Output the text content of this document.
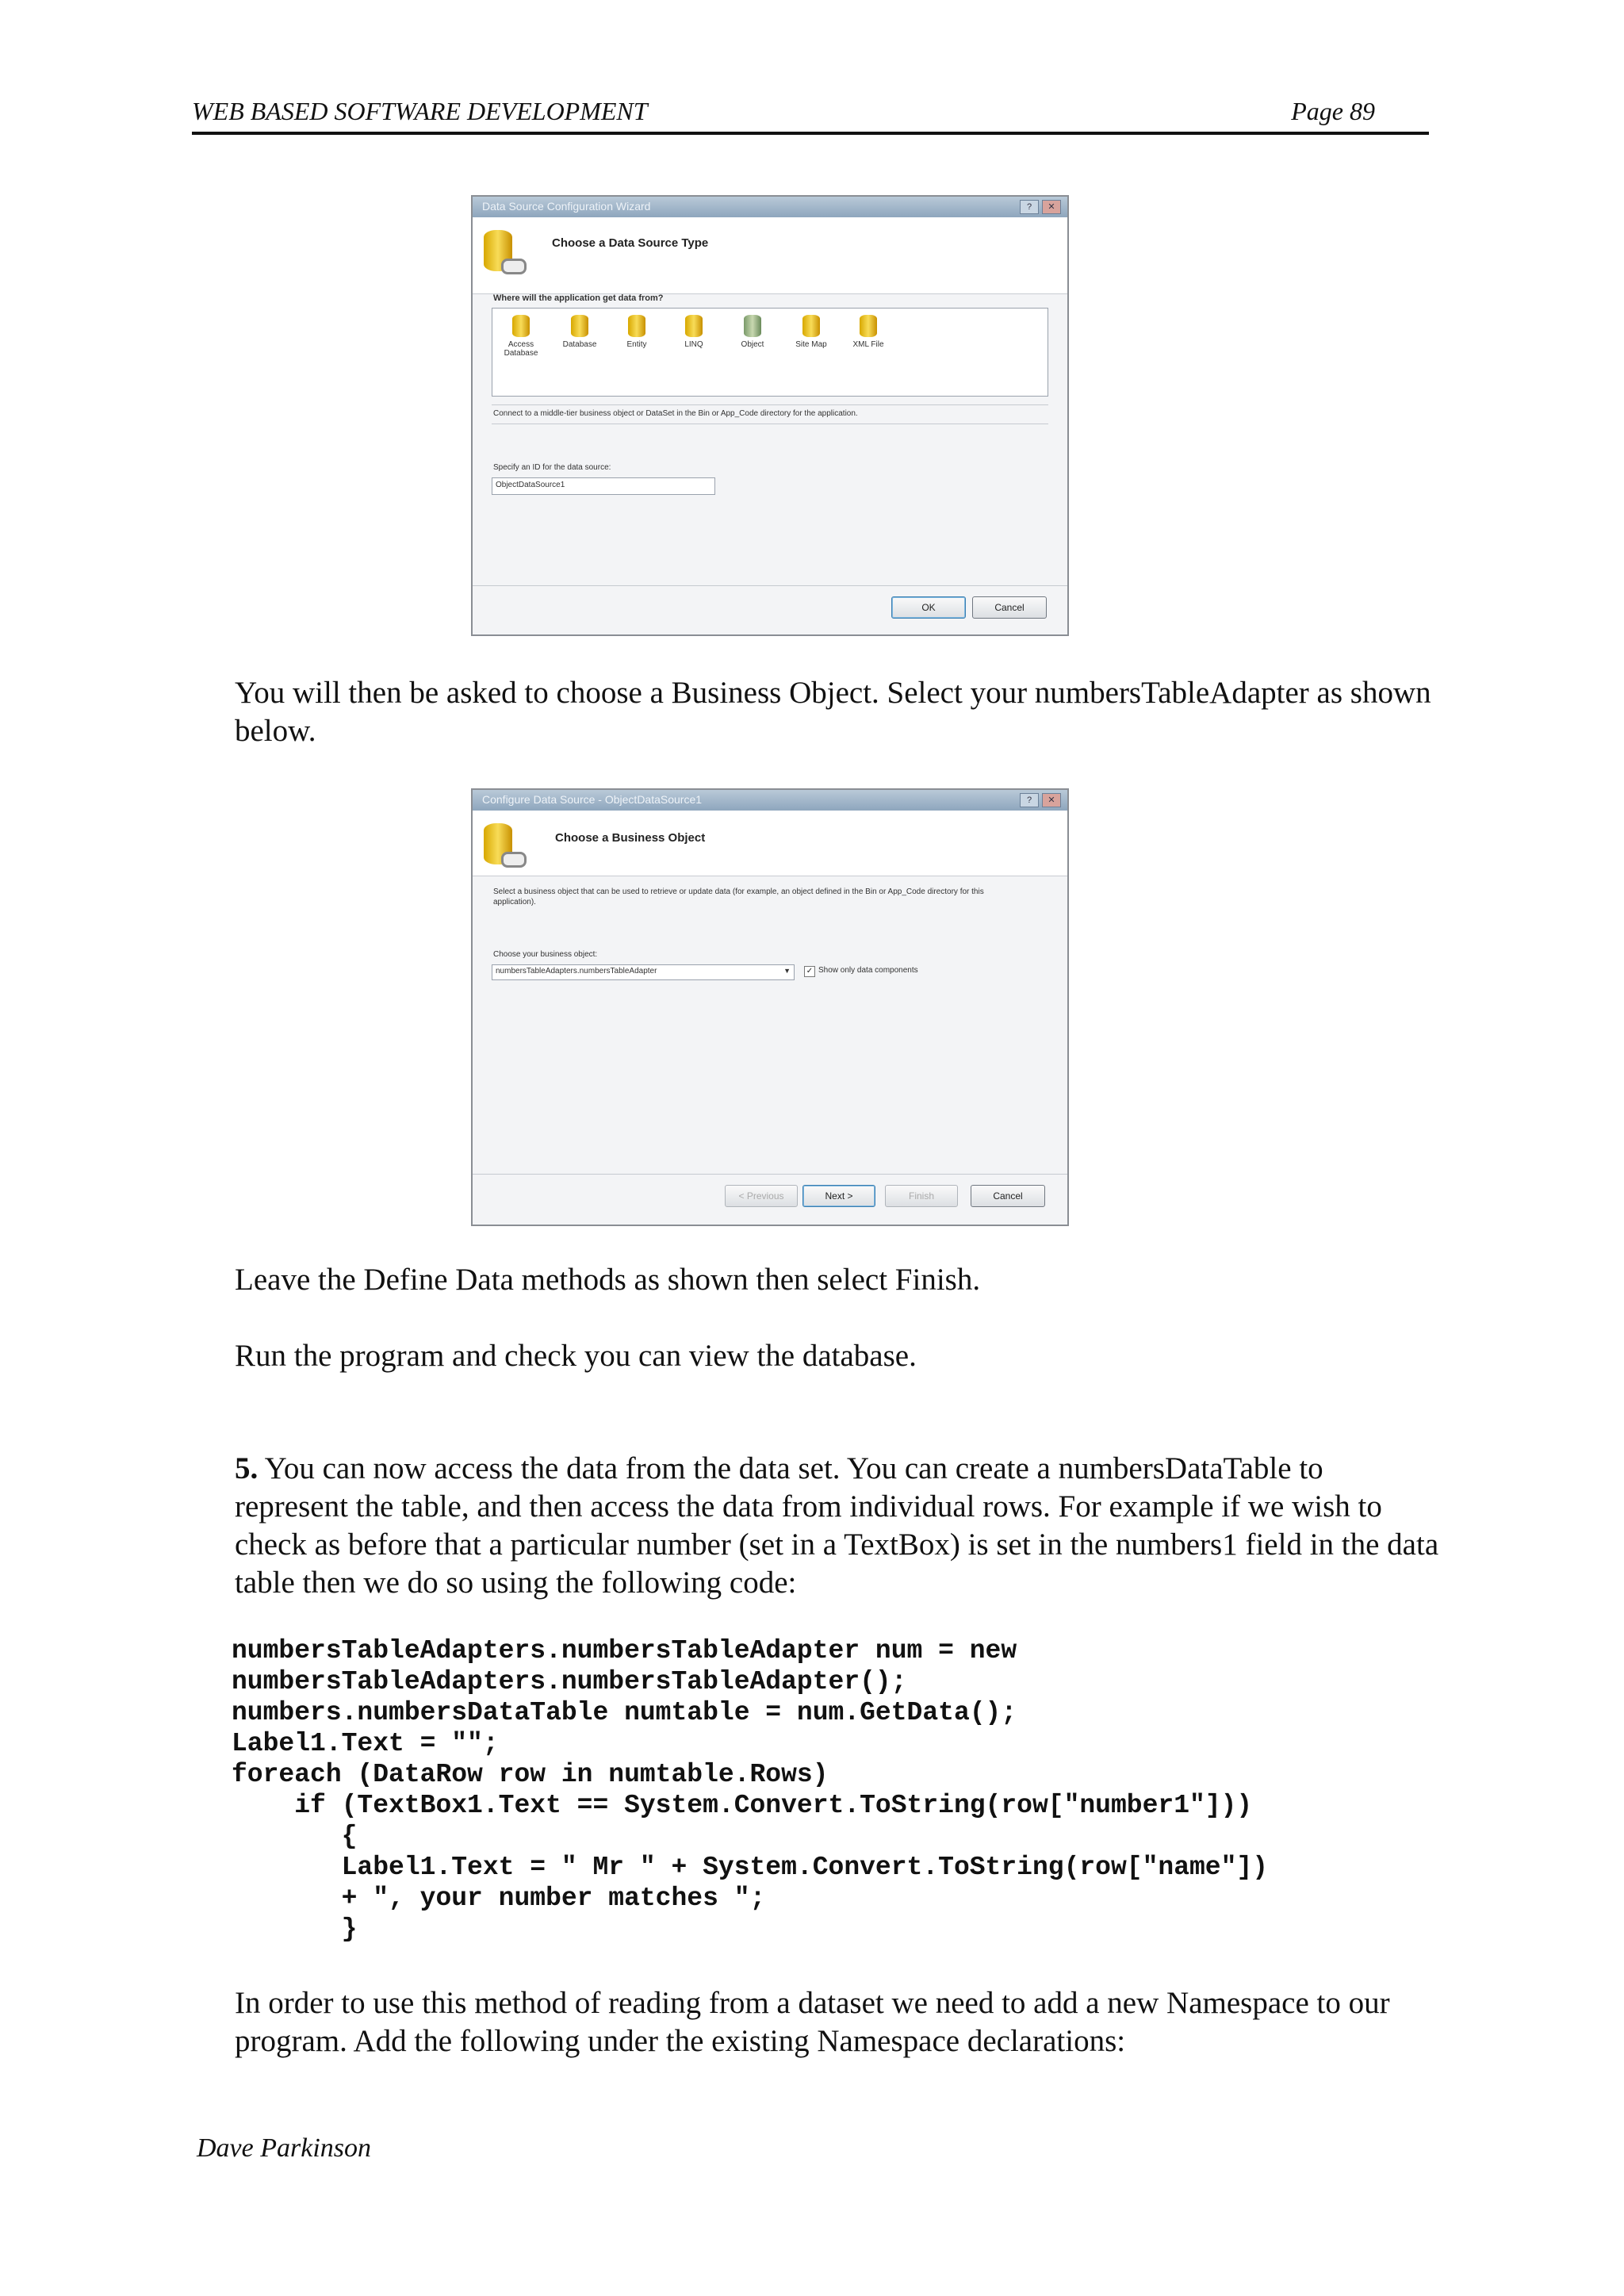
WEB BASED SOFTWARE DEVELOPMENT	Page 89
Data Source Configuration Wizard	?	✕
Choose a Data Source Type
Where will the application get data from?
Access Database
Database	Entity	LINQ	Object	Site Map	XML File
Connect to a middle-tier business object or DataSet in the Bin or App_Code directory for the application.
Specify an ID for the data source:
ObjectDataSource1
OK	Cancel

You will then be asked to choose a Business Object. Select your numbersTableAdapter as shown below.

Configure Data Source - ObjectDataSource1	?	✕
Choose a Business Object
Select a business object that can be used to retrieve or update data (for example, an object defined in the Bin or App_Code directory for this application).
Choose your business object:
numbersTableAdapters.numbersTableAdapter	▼ ✓ Show only data components
< Previous	Next >	Finish	Cancel

Leave the Define Data methods as shown then select Finish.

Run the program and check you can view the database.

5. You can now access the data from the data set. You can create a numbersDataTable to represent the table, and then access the data from individual rows. For example if we wish to check as before that a particular number (set in a TextBox) is set in the numbers1 field in the data table then we do so using the following code:

numbersTableAdapters.numbersTableAdapter num = new
numbersTableAdapters.numbersTableAdapter();
numbers.numbersDataTable numtable = num.GetData();
Label1.Text = "";
foreach (DataRow row in numtable.Rows)
if (TextBox1.Text == System.Convert.ToString(row["number1"]))
{
Label1.Text = " Mr " + System.Convert.ToString(row["name"])
+ ", your number matches ";
}

In order to use this method of reading from a dataset we need to add a new Namespace to our program. Add the following under the existing Namespace declarations:

Dave Parkinson
